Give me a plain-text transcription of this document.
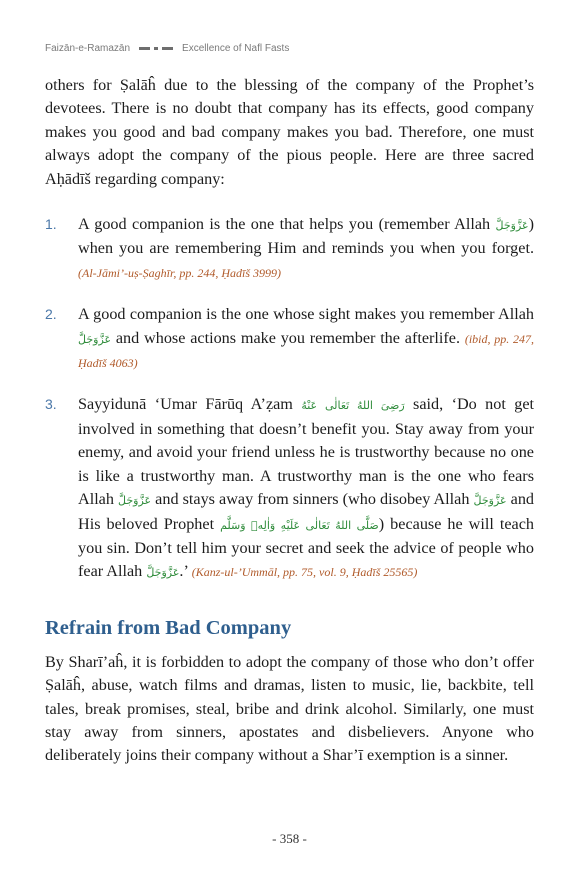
Faizān-e-Ramazān	Excellence of Nafl Fasts

others for Ṣalāĥ due to the blessing of the company of the Prophet’s devotees. There is no doubt that company has its effects, good company makes you good and bad company makes you bad. Therefore, one must always adopt the company of the pious people. Here are three sacred Aḥādīš regarding company:

1. A good companion is the one that helps you (remember Allah عَزَّوَجَلَّ) when you are remembering Him and reminds you when you forget. (Al-Jāmi’-uṣ-Ṣaghīr, pp. 244, Ḥadīš 3999)
2. A good companion is the one whose sight makes you remember Allah عَزَّوَجَلَّ and whose actions make you remember the afterlife. (ibid, pp. 247, Ḥadīš 4063)
3. Sayyidunā ‘Umar Fārūq A’ẓam رَضِیَ اللهُ تَعَالٰی عَنْهُ said, ‘Do not get involved in something that doesn’t benefit you. Stay away from your enemy, and avoid your friend unless he is trustworthy because no one is like a trustworthy man. A trustworthy man is the one who fears Allah عَزَّوَجَلَّ and stays away from sinners (who disobey Allah عَزَّوَجَلَّ and His beloved Prophet صَلَّى اللهُ تَعَالٰی عَلَيْهِ وَاٰلِهٖ وَسَلَّم) because he will teach you sin. Don’t tell him your secret and seek the advice of people who fear Allah عَزَّوَجَلَّ.’ (Kanz-ul-’Ummāl, pp. 75, vol. 9, Ḥadīš 25565)
Refrain from Bad Company

By Sharī’aĥ, it is forbidden to adopt the company of those who don’t offer Ṣalāĥ, abuse, watch films and dramas, listen to music, lie, backbite, tell tales, break promises, steal, bribe and drink alcohol. Similarly, one must stay away from sinners, apostates and disbelievers. Anyone who deliberately joins their company without a Shar’ī exemption is a sinner.

- 358 -
